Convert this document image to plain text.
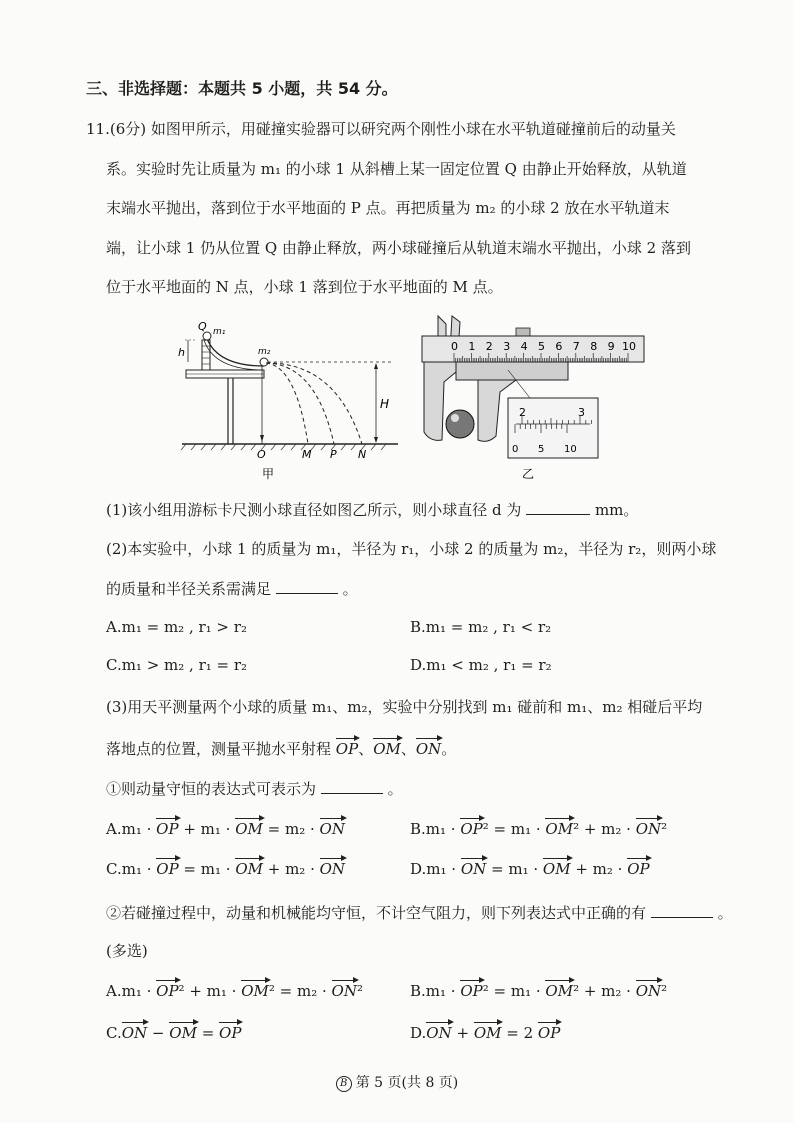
三、非选择题：本题共 5 小题，共 54 分。
11.(6分) 如图甲所示，用碰撞实验器可以研究两个刚性小球在水平轨道碰撞前后的动量关
系。实验时先让质量为 m₁ 的小球 1 从斜槽上某一固定位置 Q 由静止开始释放，从轨道
末端水平抛出，落到位于水平地面的 P 点。再把质量为 m₂ 的小球 2 放在水平轨道末
端，让小球 1 仍从位置 Q 由静止释放，两小球碰撞后从轨道末端水平抛出，小球 2 落到
位于水平地面的 N 点，小球 1 落到位于水平地面的 M 点。
Q m₁
m₂
h
H
O	M P N
甲
0 1 2 3 4 5 6 7 8 9 10
2	3
0 5 10
乙
(1)该小组用游标卡尺测小球直径如图乙所示，则小球直径 d 为	mm。
(2)本实验中，小球 1 的质量为 m₁，半径为 r₁，小球 2 的质量为 m₂，半径为 r₂，则两小球
的质量和半径关系需满足	。
A.m₁ = m₂ , r₁ > r₂	B.m₁ = m₂ , r₁ < r₂
C.m₁ > m₂ , r₁ = r₂	D.m₁ < m₂ , r₁ = r₂
(3)用天平测量两个小球的质量 m₁、m₂，实验中分别找到 m₁ 碰前和 m₁、m₂ 相碰后平均
落地点的位置，测量平抛水平射程 OP、OM、ON。
①则动量守恒的表达式可表示为	。
A.m₁ · OP + m₁ · OM = m₂ · ON	B.m₁ · OP² = m₁ · OM² + m₂ · ON²
C.m₁ · OP = m₁ · OM + m₂ · ON	D.m₁ · ON = m₁ · OM + m₂ · OP
②若碰撞过程中，动量和机械能均守恒，不计空气阻力，则下列表达式中正确的有	。
(多选)
A.m₁ · OP² + m₁ · OM² = m₂ · ON²	B.m₁ · OP² = m₁ · OM² + m₂ · ON²
C.ON − OM = OP	D.ON + OM = 2 OP
B 第 5 页(共 8 页)
